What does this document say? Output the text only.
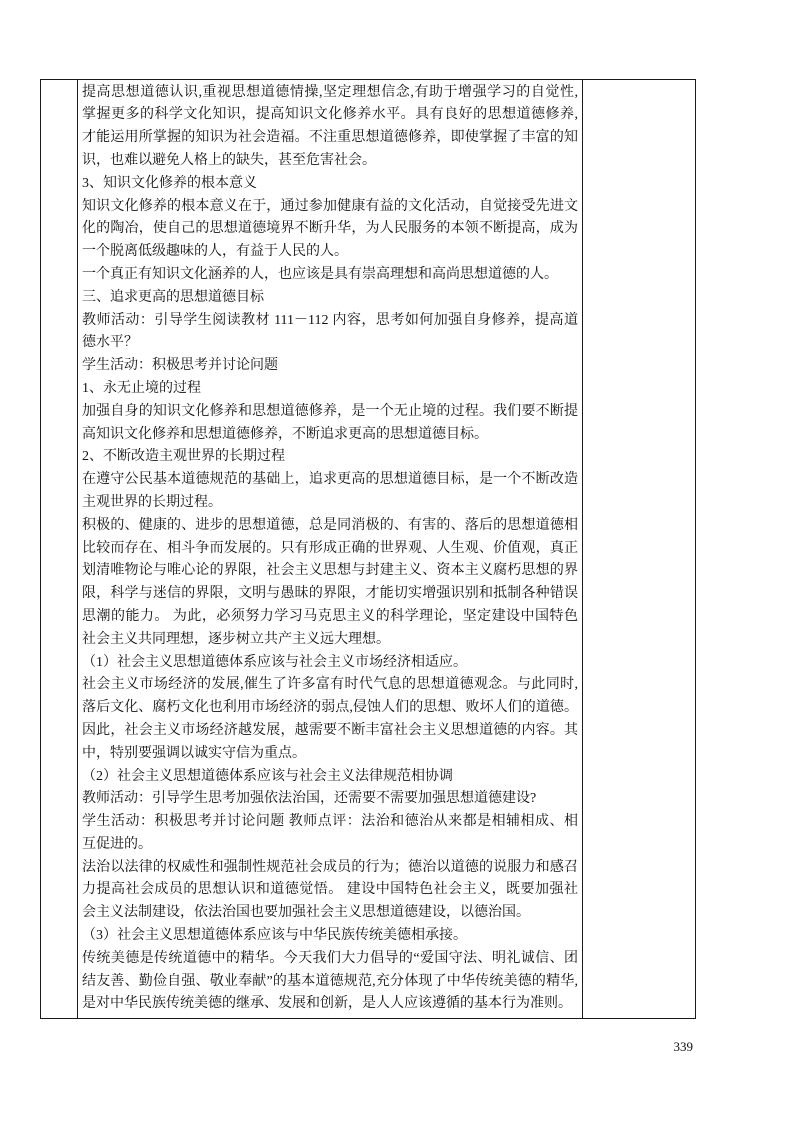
提高思想道德认识,重视思想道德情操,坚定理想信念,有助于增强学习的自觉性,
掌握更多的科学文化知识，提高知识文化修养水平。具有良好的思想道德修养,
才能运用所掌握的知识为社会造福。不注重思想道德修养，即使掌握了丰富的知
识，也难以避免人格上的缺失，甚至危害社会。
3、知识文化修养的根本意义
知识文化修养的根本意义在于，通过参加健康有益的文化活动，自觉接受先进文
化的陶冶，使自己的思想道德境界不断升华，为人民服务的本领不断提高，成为
一个脱离低级趣味的人，有益于人民的人。
一个真正有知识文化涵养的人，也应该是具有崇高理想和高尚思想道德的人。
三、追求更高的思想道德目标
教师活动：引导学生阅读教材 111－112 内容，思考如何加强自身修养，提高道
德水平？
学生活动：积极思考并讨论问题
1、永无止境的过程
加强自身的知识文化修养和思想道德修养，是一个无止境的过程。我们要不断提
高知识文化修养和思想道德修养，不断追求更高的思想道德目标。
2、不断改造主观世界的长期过程
在遵守公民基本道德规范的基础上，追求更高的思想道德目标，是一个不断改造
主观世界的长期过程。
积极的、健康的、进步的思想道德，总是同消极的、有害的、落后的思想道德相
比较而存在、相斗争而发展的。只有形成正确的世界观、人生观、价值观，真正
划清唯物论与唯心论的界限，社会主义思想与封建主义、资本主义腐朽思想的界
限，科学与迷信的界限，文明与愚昧的界限，才能切实增强识别和抵制各种错误
思潮的能力。 为此，必须努力学习马克思主义的科学理论，坚定建设中国特色
社会主义共同理想，逐步树立共产主义远大理想。
（1）社会主义思想道德体系应该与社会主义市场经济相适应。
社会主义市场经济的发展,催生了许多富有时代气息的思想道德观念。与此同时,
落后文化、腐朽文化也利用市场经济的弱点,侵蚀人们的思想、败坏人们的道德。
因此，社会主义市场经济越发展，越需要不断丰富社会主义思想道德的内容。其
中，特别要强调以诚实守信为重点。
（2）社会主义思想道德体系应该与社会主义法律规范相协调
教师活动：引导学生思考加强依法治国，还需要不需要加强思想道德建设?
学生活动：积极思考并讨论问题 教师点评：法治和德治从来都是相辅相成、相
互促进的。
法治以法律的权威性和强制性规范社会成员的行为；德治以道德的说服力和感召
力提高社会成员的思想认识和道德觉悟。 建设中国特色社会主义，既要加强社
会主义法制建设，依法治国也要加强社会主义思想道德建设，以德治国。
（3）社会主义思想道德体系应该与中华民族传统美德相承接。
传统美德是传统道德中的精华。今天我们大力倡导的“爱国守法、明礼诚信、团
结友善、勤俭自强、敬业奉献”的基本道德规范,充分体现了中华传统美德的精华,
是对中华民族传统美德的继承、发展和创新，是人人应该遵循的基本行为准则。
339
